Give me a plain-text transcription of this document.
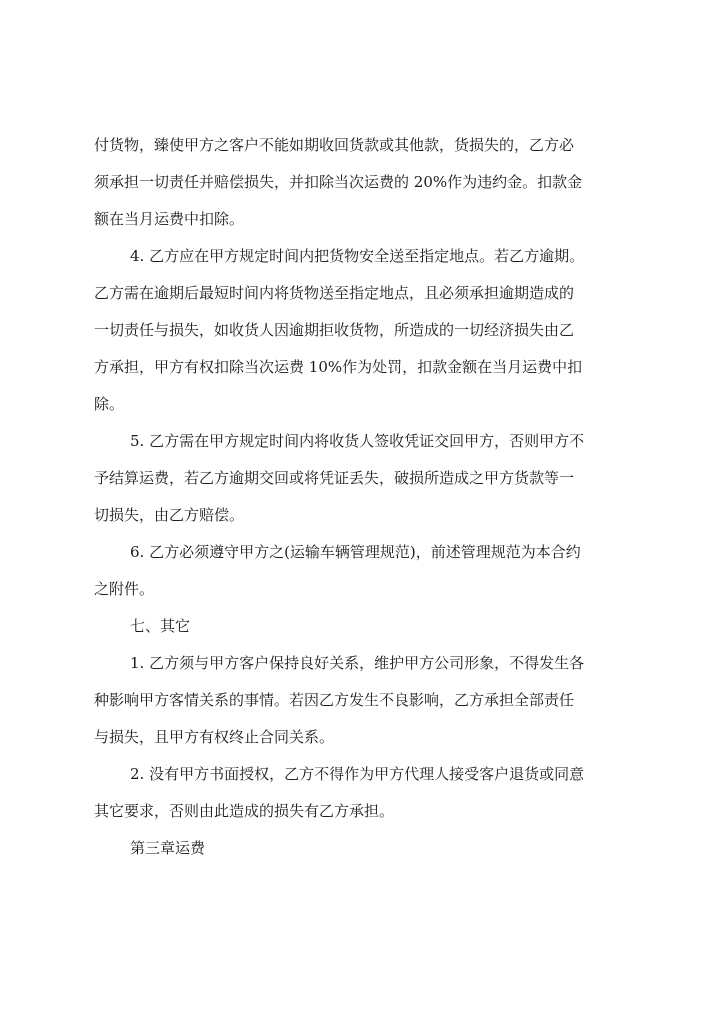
付货物，臻使甲方之客户不能如期收回货款或其他款，货损失的，乙方必
须承担一切责任并赔偿损失，并扣除当次运费的 20%作为违约金。扣款金
额在当月运费中扣除。
4. 乙方应在甲方规定时间内把货物安全送至指定地点。若乙方逾期。
乙方需在逾期后最短时间内将货物送至指定地点，且必须承担逾期造成的
一切责任与损失，如收货人因逾期拒收货物，所造成的一切经济损失由乙
方承担，甲方有权扣除当次运费 10%作为处罚，扣款金额在当月运费中扣
除。
5. 乙方需在甲方规定时间内将收货人签收凭证交回甲方，否则甲方不
予结算运费，若乙方逾期交回或将凭证丢失，破损所造成之甲方货款等一
切损失，由乙方赔偿。
6. 乙方必须遵守甲方之(运输车辆管理规范)，前述管理规范为本合约
之附件。
七、其它
1. 乙方须与甲方客户保持良好关系，维护甲方公司形象，不得发生各
种影响甲方客情关系的事情。若因乙方发生不良影响，乙方承担全部责任
与损失，且甲方有权终止合同关系。
2. 没有甲方书面授权，乙方不得作为甲方代理人接受客户退货或同意
其它要求，否则由此造成的损失有乙方承担。
第三章运费
